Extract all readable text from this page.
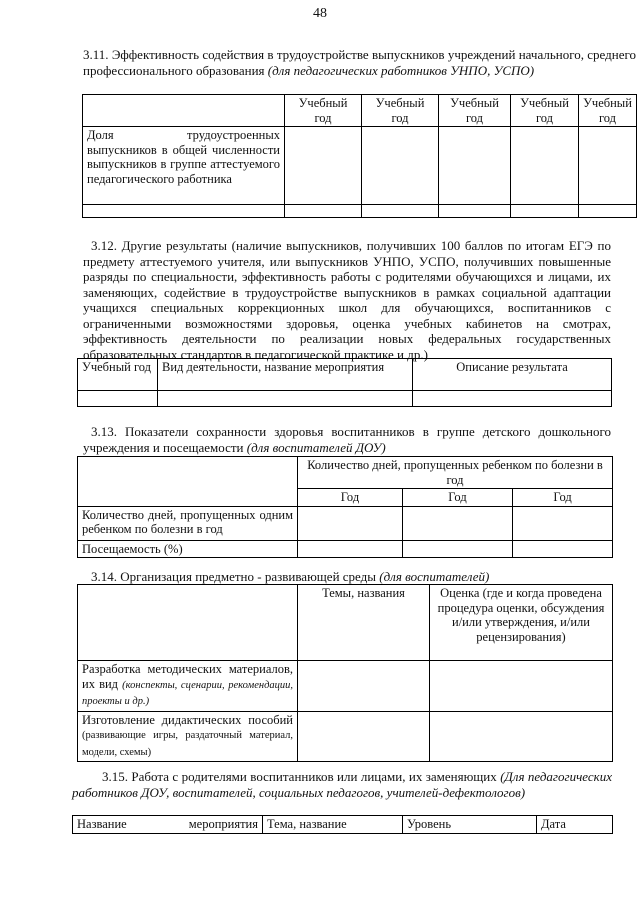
48
3.11. Эффективность содействия в трудоустройстве выпускников учреждений начального, среднего профессионального образования (для педагогических работников УНПО, УСПО)
	Учебный год	Учебный год	Учебный год	Учебный год	Учебный год
Доля трудоустроенных выпускников в общей численности выпускников в группе аттестуемого педагогического работника					

3.12. Другие результаты (наличие выпускников, получивших 100 баллов по итогам ЕГЭ по предмету аттестуемого учителя, или выпускников УНПО, УСПО, получивших повышенные разряды по специальности, эффективность работы с родителями обучающихся и лицами, их заменяющих, содействие в трудоустройстве выпускников в рамках социальной адаптации учащихся специальных коррекционных школ для обучающихся, воспитанников с ограниченными возможностями здоровья, оценка учебных кабинетов на смотрах, эффективность деятельности по реализации новых федеральных государственных образовательных стандартов в педагогической практике и др.)
Учебный год	Вид деятельности, название мероприятия	Описание результата

3.13. Показатели сохранности здоровья воспитанников в группе детского дошкольного учреждения и посещаемости (для воспитателей ДОУ)
	Количество дней, пропущенных ребенком по болезни в год		
	Год	Год	Год
Количество дней, пропущенных одним ребенком по болезни в год			
Посещаемость (%)			
3.14. Организация предметно - развивающей среды (для воспитателей)
	Темы, названия	Оценка (где и когда проведена процедура оценки, обсуждения и/или утверждения, и/или рецензирования)
Разработка методических материалов, их вид (конспекты, сценарии, рекомендации, проекты и др.)		
Изготовление дидактических пособий (развивающие игры, раздаточный материал, модели, схемы)		
3.15. Работа с родителями воспитанников или лицами, их заменяющих (Для педагогических работников ДОУ, воспитателей, социальных педагогов, учителей-дефектологов)
Название мероприятия	Тема, название	Уровень	Дата
